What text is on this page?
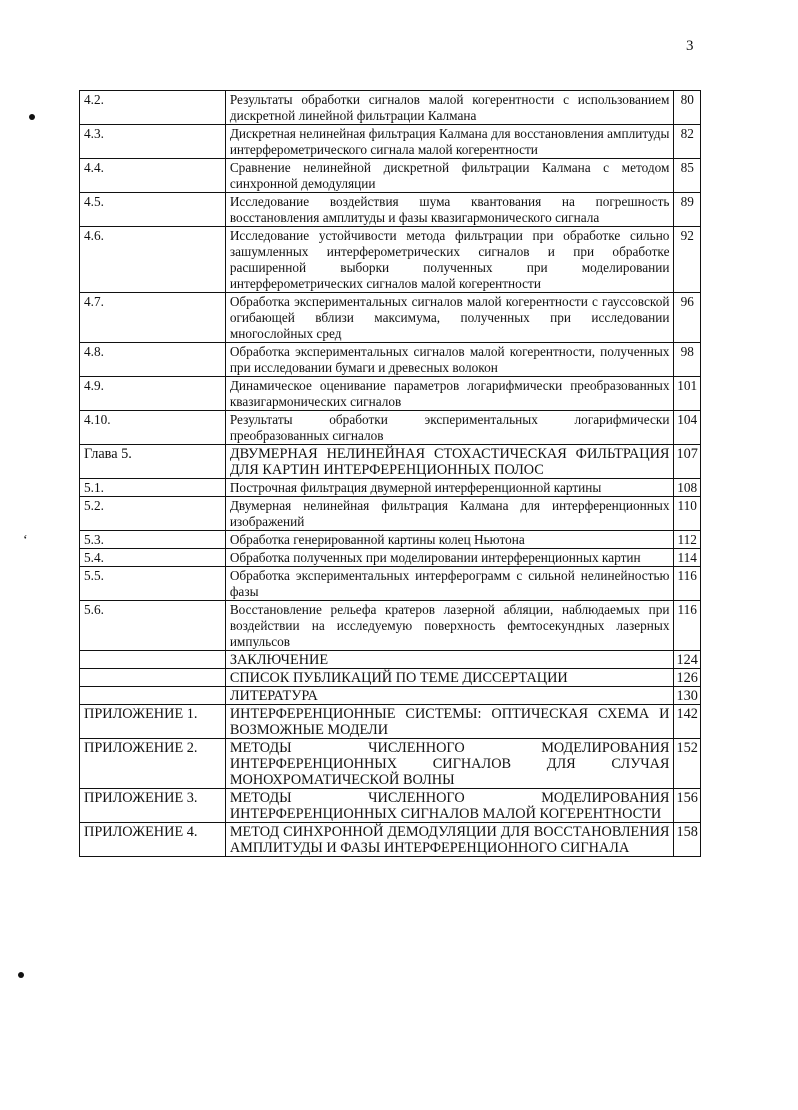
3
‘
4.2.	Результаты обработки сигналов малой когерентности с использованием дискретной линейной фильтрации Калмана	80
4.3.	Дискретная нелинейная фильтрация Калмана для восстановления амплитуды интерферометрического сигнала малой когерентности	82
4.4.	Сравнение нелинейной дискретной фильтрации Калмана с методом синхронной демодуляции	85
4.5.	Исследование воздействия шума квантования на погрешность восстановления амплитуды и фазы квазигармонического сигнала	89
4.6.	Исследование устойчивости метода фильтрации при обработке сильно зашумленных интерферометрических сигналов и при обработке расширенной выборки полученных при моделировании интерферометрических сигналов малой когерентности	92
4.7.	Обработка экспериментальных сигналов малой когерентности с гауссовской огибающей вблизи максимума, полученных при исследовании многослойных сред	96
4.8.	Обработка экспериментальных сигналов малой когерентности, полученных при исследовании бумаги и древесных волокон	98
4.9.	Динамическое оценивание параметров логарифмически преобразованных квазигармонических сигналов	101
4.10.	Результаты обработки экспериментальных логарифмически преобразованных сигналов	104
Глава 5.	ДВУМЕРНАЯ НЕЛИНЕЙНАЯ СТОХАСТИЧЕСКАЯ ФИЛЬТРАЦИЯ ДЛЯ КАРТИН ИНТЕРФЕРЕНЦИОННЫХ ПОЛОС	107
5.1.	Построчная фильтрация двумерной интерференционной картины	108
5.2.	Двумерная нелинейная фильтрация Калмана для интерференционных изображений	110
5.3.	Обработка генерированной картины колец Ньютона	112
5.4.	Обработка полученных при моделировании интерференционных картин	114
5.5.	Обработка экспериментальных интерферограмм с сильной нелинейностью фазы	116
5.6.	Восстановление рельефа кратеров лазерной абляции, наблюдаемых при воздействии на исследуемую поверхность фемтосекундных лазерных импульсов	116
	ЗАКЛЮЧЕНИЕ	124
	СПИСОК ПУБЛИКАЦИЙ ПО ТЕМЕ ДИССЕРТАЦИИ	126
	ЛИТЕРАТУРА	130
ПРИЛОЖЕНИЕ 1.	ИНТЕРФЕРЕНЦИОННЫЕ СИСТЕМЫ: ОПТИЧЕСКАЯ СХЕМА И ВОЗМОЖНЫЕ МОДЕЛИ	142
ПРИЛОЖЕНИЕ 2.	МЕТОДЫ ЧИСЛЕННОГО МОДЕЛИРОВАНИЯ ИНТЕРФЕРЕНЦИОННЫХ СИГНАЛОВ ДЛЯ СЛУЧАЯ МОНОХРОМАТИЧЕСКОЙ ВОЛНЫ	152
ПРИЛОЖЕНИЕ 3.	МЕТОДЫ ЧИСЛЕННОГО МОДЕЛИРОВАНИЯ ИНТЕРФЕРЕНЦИОННЫХ СИГНАЛОВ МАЛОЙ КОГЕРЕНТНОСТИ	156
ПРИЛОЖЕНИЕ 4.	МЕТОД СИНХРОННОЙ ДЕМОДУЛЯЦИИ ДЛЯ ВОССТАНОВЛЕНИЯ АМПЛИТУДЫ И ФАЗЫ ИНТЕРФЕРЕНЦИОННОГО СИГНАЛА	158
